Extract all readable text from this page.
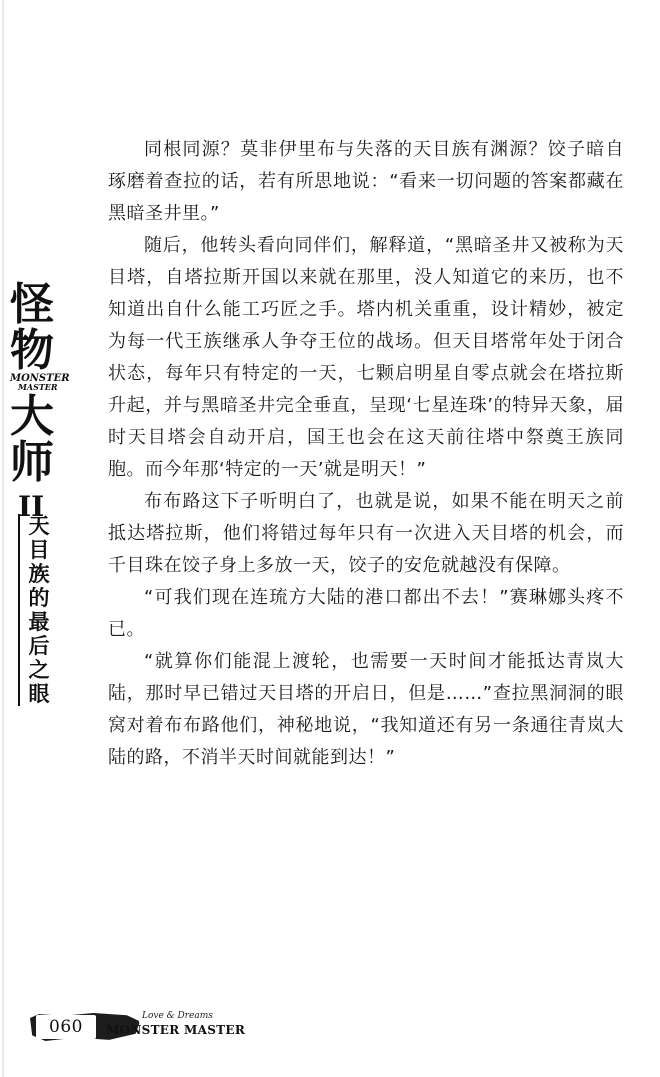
怪
物
MONSTER
MASTER
大
师
II
天
目
族
的
最
后
之
眼

同根同源？莫非伊里布与失落的天目族有渊源？饺子暗自琢磨着查拉的话，若有所思地说：“看来一切问题的答案都藏在黑暗圣井里。”

随后，他转头看向同伴们，解释道，“黑暗圣井又被称为天目塔，自塔拉斯开国以来就在那里，没人知道它的来历，也不知道出自什么能工巧匠之手。塔内机关重重，设计精妙，被定为每一代王族继承人争夺王位的战场。但天目塔常年处于闭合状态，每年只有特定的一天，七颗启明星自零点就会在塔拉斯升起，并与黑暗圣井完全垂直，呈现‘七星连珠’的特异天象，届时天目塔会自动开启，国王也会在这天前往塔中祭奠王族同胞。而今年那‘特定的一天’就是明天！”

布布路这下子听明白了，也就是说，如果不能在明天之前抵达塔拉斯，他们将错过每年只有一次进入天目塔的机会，而千目珠在饺子身上多放一天，饺子的安危就越没有保障。

“可我们现在连琉方大陆的港口都出不去！”赛琳娜头疼不已。

“就算你们能混上渡轮，也需要一天时间才能抵达青岚大陆，那时早已错过天目塔的开启日，但是……”查拉黑洞洞的眼窝对着布布路他们，神秘地说，“我知道还有另一条通往青岚大陆的路，不消半天时间就能到达！”

060
Love & Dreams
MONSTER MASTER
